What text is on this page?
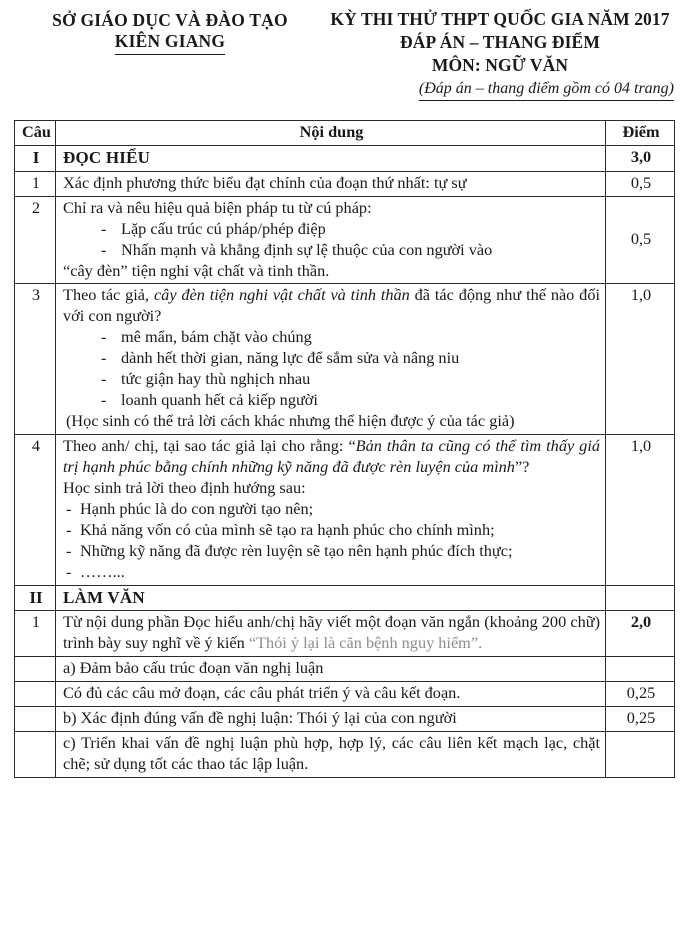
SỞ GIÁO DỤC VÀ ĐÀO TẠO
KIÊN GIANG
KỲ THI THỬ THPT QUỐC GIA NĂM 2017
ĐÁP ÁN – THANG ĐIỂM
MÔN: NGỮ VĂN
(Đáp án – thang điểm gồm có 04 trang)
Câu	Nội dung	Điểm
I	ĐỌC HIỂU	3,0
1	Xác định phương thức biểu đạt chính của đoạn thứ nhất: tự sự	0,5
2	Chỉ ra và nêu hiệu quả biện pháp tu từ cú pháp:
- Lặp cấu trúc cú pháp/phép điệp
- Nhấn mạnh và khẳng định sự lệ thuộc của con người vào
“cây đèn” tiện nghi vật chất và tinh thần.
	0,5
3	Theo tác giả, cây đèn tiện nghi vật chất và tinh thần đã tác động như thế nào đối với con người?
- mê mẩn, bám chặt vào chúng
- dành hết thời gian, năng lực để sắm sửa và nâng niu
- tức giận hay thù nghịch nhau
- loanh quanh hết cả kiếp người
(Học sinh có thể trả lời cách khác nhưng thể hiện được ý của tác giả)
	1,0
4	Theo anh/ chị, tại sao tác giả lại cho rằng: “Bản thân ta cũng có thể tìm thấy giá trị hạnh phúc bằng chính những kỹ năng đã được rèn luyện của mình”?
Học sinh trả lời theo định hướng sau:
- Hạnh phúc là do con người tạo nên;
- Khả năng vốn có của mình sẽ tạo ra hạnh phúc cho chính mình;
- Những kỹ năng đã được rèn luyện sẽ tạo nên hạnh phúc đích thực;
- ……...
	1,0
II	LÀM VĂN	

1	Từ nội dung phần Đọc hiểu anh/chị hãy viết một đoạn văn ngắn (khoảng 200 chữ) trình bày suy nghĩ về ý kiến “Thói ỷ lại là căn bệnh nguy hiểm”.	2,0

	a) Đảm bảo cấu trúc đoạn văn nghị luận	

	Có đủ các câu mở đoạn, các câu phát triển ý và câu kết đoạn.	0,25

	b) Xác định đúng vấn đề nghị luận: Thói ý lại của con người	0,25

	c) Triển khai vấn đề nghị luận phù hợp, hợp lý, các câu liên kết mạch lạc, chặt chẽ; sử dụng tốt các thao tác lập luận.	
